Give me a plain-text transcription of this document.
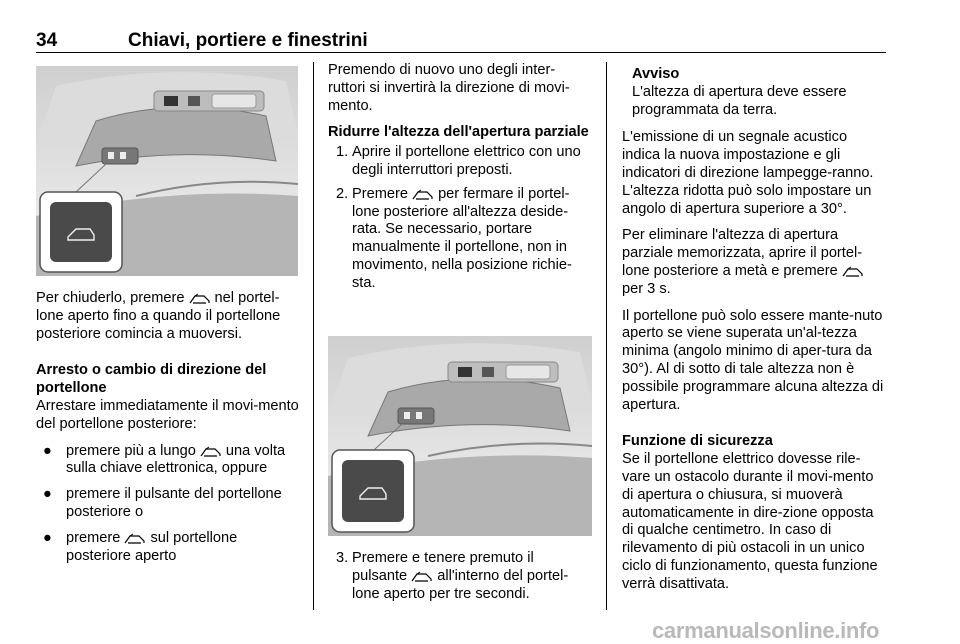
34	Chiavi, portiere e finestrini

Per chiuderlo, premere  nel portel-lone aperto fino a quando il portellone posteriore comincia a muoversi.

Arresto o cambio di direzione del portellone

Arrestare immediatamente il movi-mento del portellone posteriore:

● premere più a lungo  una volta sulla chiave elettronica, oppure
● premere il pulsante del portellone posteriore o
● premere  sul portellone posteriore aperto

Premendo di nuovo uno degli inter-ruttori si invertirà la direzione di movi-mento.

Ridurre l'altezza dell'apertura parziale
1. Aprire il portellone elettrico con uno degli interruttori preposti.
2. Premere  per fermare il portel-lone posteriore all'altezza deside-rata. Se necessario, portare manualmente il portellone, non in movimento, nella posizione richie-sta.
3. Premere e tenere premuto il pulsante  all'interno del portel-lone aperto per tre secondi.
Avviso
L'altezza di apertura deve essere programmata da terra.

L'emissione di un segnale acustico indica la nuova impostazione e gli indicatori di direzione lampegge-ranno. L'altezza ridotta può solo impostare un angolo di apertura superiore a 30°.

Per eliminare l'altezza di apertura parziale memorizzata, aprire il portel-lone posteriore a metà e premere  per 3 s.

Il portellone può solo essere mante-nuto aperto se viene superata un'al-tezza minima (angolo minimo di aper-tura da 30°). Al di sotto di tale altezza non è possibile programmare alcuna altezza di apertura.

Funzione di sicurezza

Se il portellone elettrico dovesse rile-vare un ostacolo durante il movi-mento di apertura o chiusura, si muoverà automaticamente in dire-zione opposta di qualche centimetro. In caso di rilevamento di più ostacoli in un unico ciclo di funzionamento, questa funzione verrà disattivata.

carmanualsonline.info
